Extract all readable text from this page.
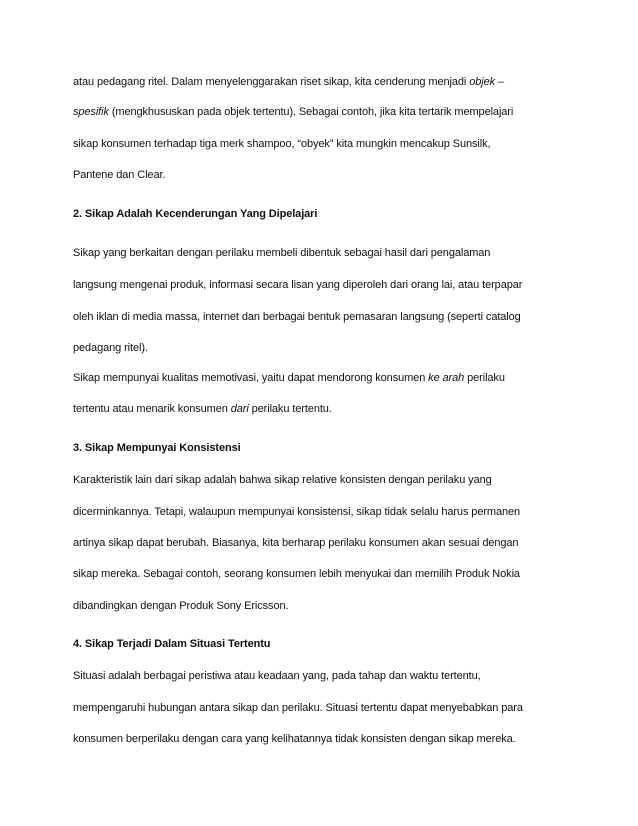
atau pedagang ritel. Dalam menyelenggarakan riset sikap, kita cenderung menjadi objek –
spesifik (mengkhususkan pada objek tertentu). Sebagai contoh, jika kita tertarik mempelajari
sikap konsumen terhadap tiga merk shampoo, “obyek” kita mungkin mencakup Sunsilk,
Pantene dan Clear.
2. Sikap Adalah Kecenderungan Yang Dipelajari
Sikap yang berkaitan dengan perilaku membeli dibentuk sebagai hasil dari pengalaman
langsung mengenai produk, informasi secara lisan yang diperoleh dari orang lai, atau terpapar
oleh iklan di media massa, internet dan berbagai bentuk pemasaran langsung (seperti catalog
pedagang ritel).
Sikap mempunyai kualitas memotivasi, yaitu dapat mendorong konsumen ke arah perilaku
tertentu atau menarik konsumen dari perilaku tertentu.
3. Sikap Mempunyai Konsistensi
Karakteristik lain dari sikap adalah bahwa sikap relative konsisten dengan perilaku yang
dicerminkannya. Tetapi, walaupun mempunyai konsistensi, sikap tidak selalu harus permanen
artinya sikap dapat berubah. Biasanya, kita berharap perilaku konsumen akan sesuai dengan
sikap mereka. Sebagai contoh, seorang konsumen lebih menyukai dan memilih Produk Nokia
dibandingkan dengan Produk Sony Ericsson.
4. Sikap Terjadi Dalam Situasi Tertentu
Situasi adalah berbagai peristiwa atau keadaan yang, pada tahap dan waktu tertentu,
mempengaruhi hubungan antara sikap dan perilaku. Situasi tertentu dapat menyebabkan para
konsumen berperilaku dengan cara yang kelihatannya tidak konsisten dengan sikap mereka.
